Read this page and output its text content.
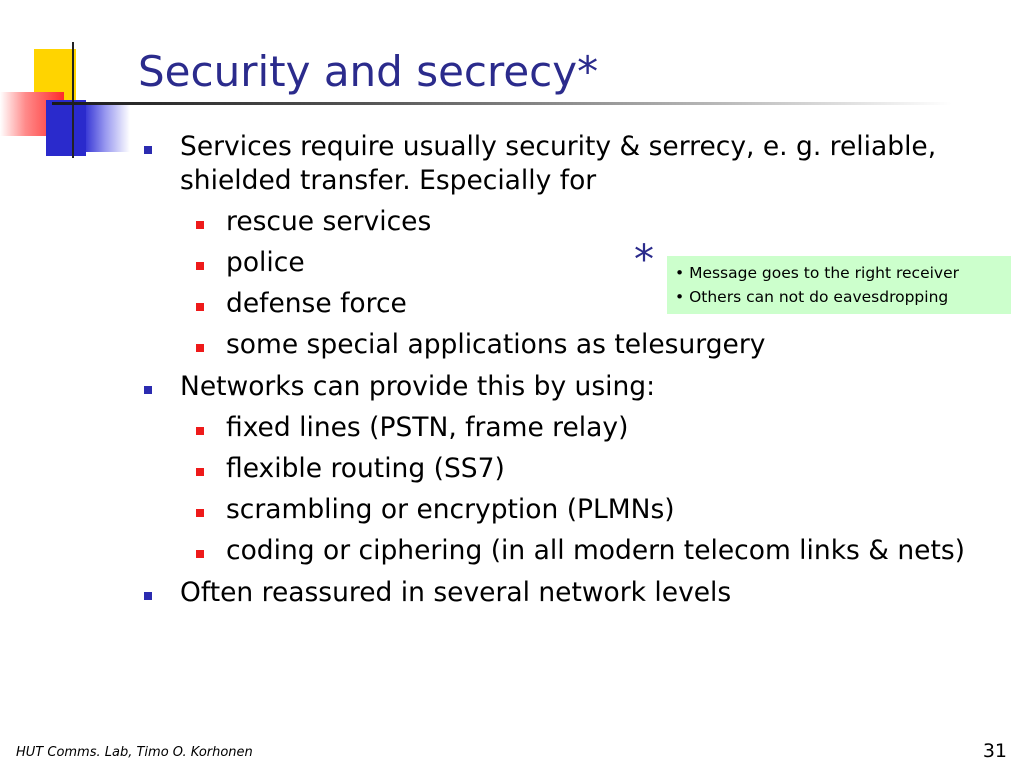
Security and secrecy*
Services require usually security & serrecy, e. g. reliable, shielded transfer. Especially for
rescue services
police
defense force
some special applications as telesurgery
Networks can provide this by using:
fixed lines (PSTN, frame relay)
flexible routing (SS7)
scrambling or encryption (PLMNs)
coding or ciphering (in all modern telecom links & nets)
Often reassured in several network levels
* • Message goes to the right receiver
• Others can not do eavesdropping
HUT Comms. Lab, Timo O. Korhonen	31
